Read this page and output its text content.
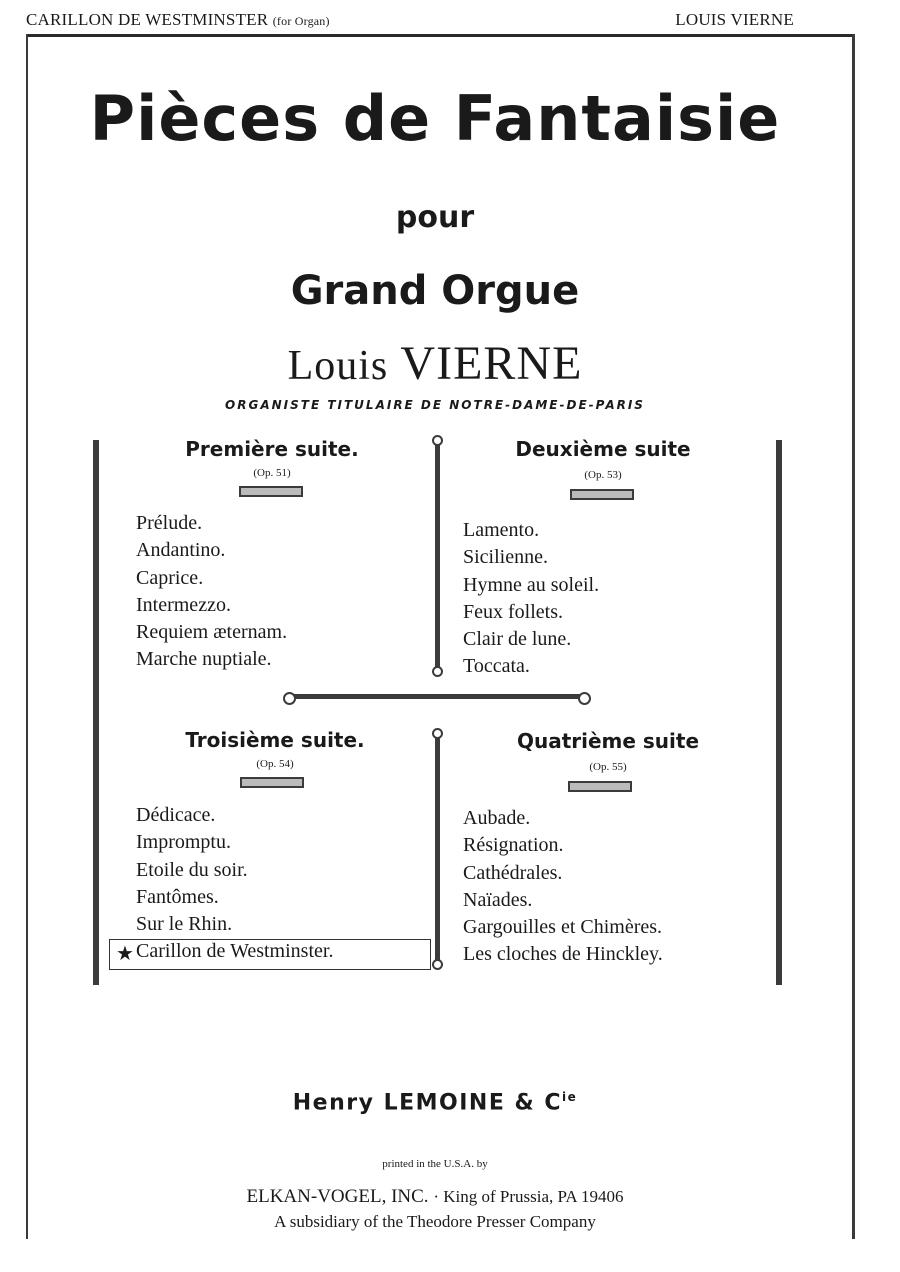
CARILLON DE WESTMINSTER (for Organ)	LOUIS VIERNE
Pièces de Fantaisie
pour
Grand Orgue
Louis VIERNE
ORGANISTE TITULAIRE DE NOTRE-DAME-DE-PARIS
Première suite.
(Op. 51)
Prélude.
Andantino.
Caprice.
Intermezzo.
Requiem æternam.
Marche nuptiale.
Deuxième suite
(Op. 53)
Lamento.
Sicilienne.
Hymne au soleil.
Feux follets.
Clair de lune.
Toccata.
Troisième suite.
(Op. 54)
Dédicace.
Impromptu.
Etoile du soir.
Fantômes.
Sur le Rhin.
Carillon de Westminster.
★
Quatrième suite
(Op. 55)
Aubade.
Résignation.
Cathédrales.
Naïades.
Gargouilles et Chimères.
Les cloches de Hinckley.
Henry LEMOINE & $C^{ie}$
printed in the U.S.A. by
ELKAN-VOGEL, INC. · King of Prussia, PA 19406
A subsidiary of the Theodore Presser Company
